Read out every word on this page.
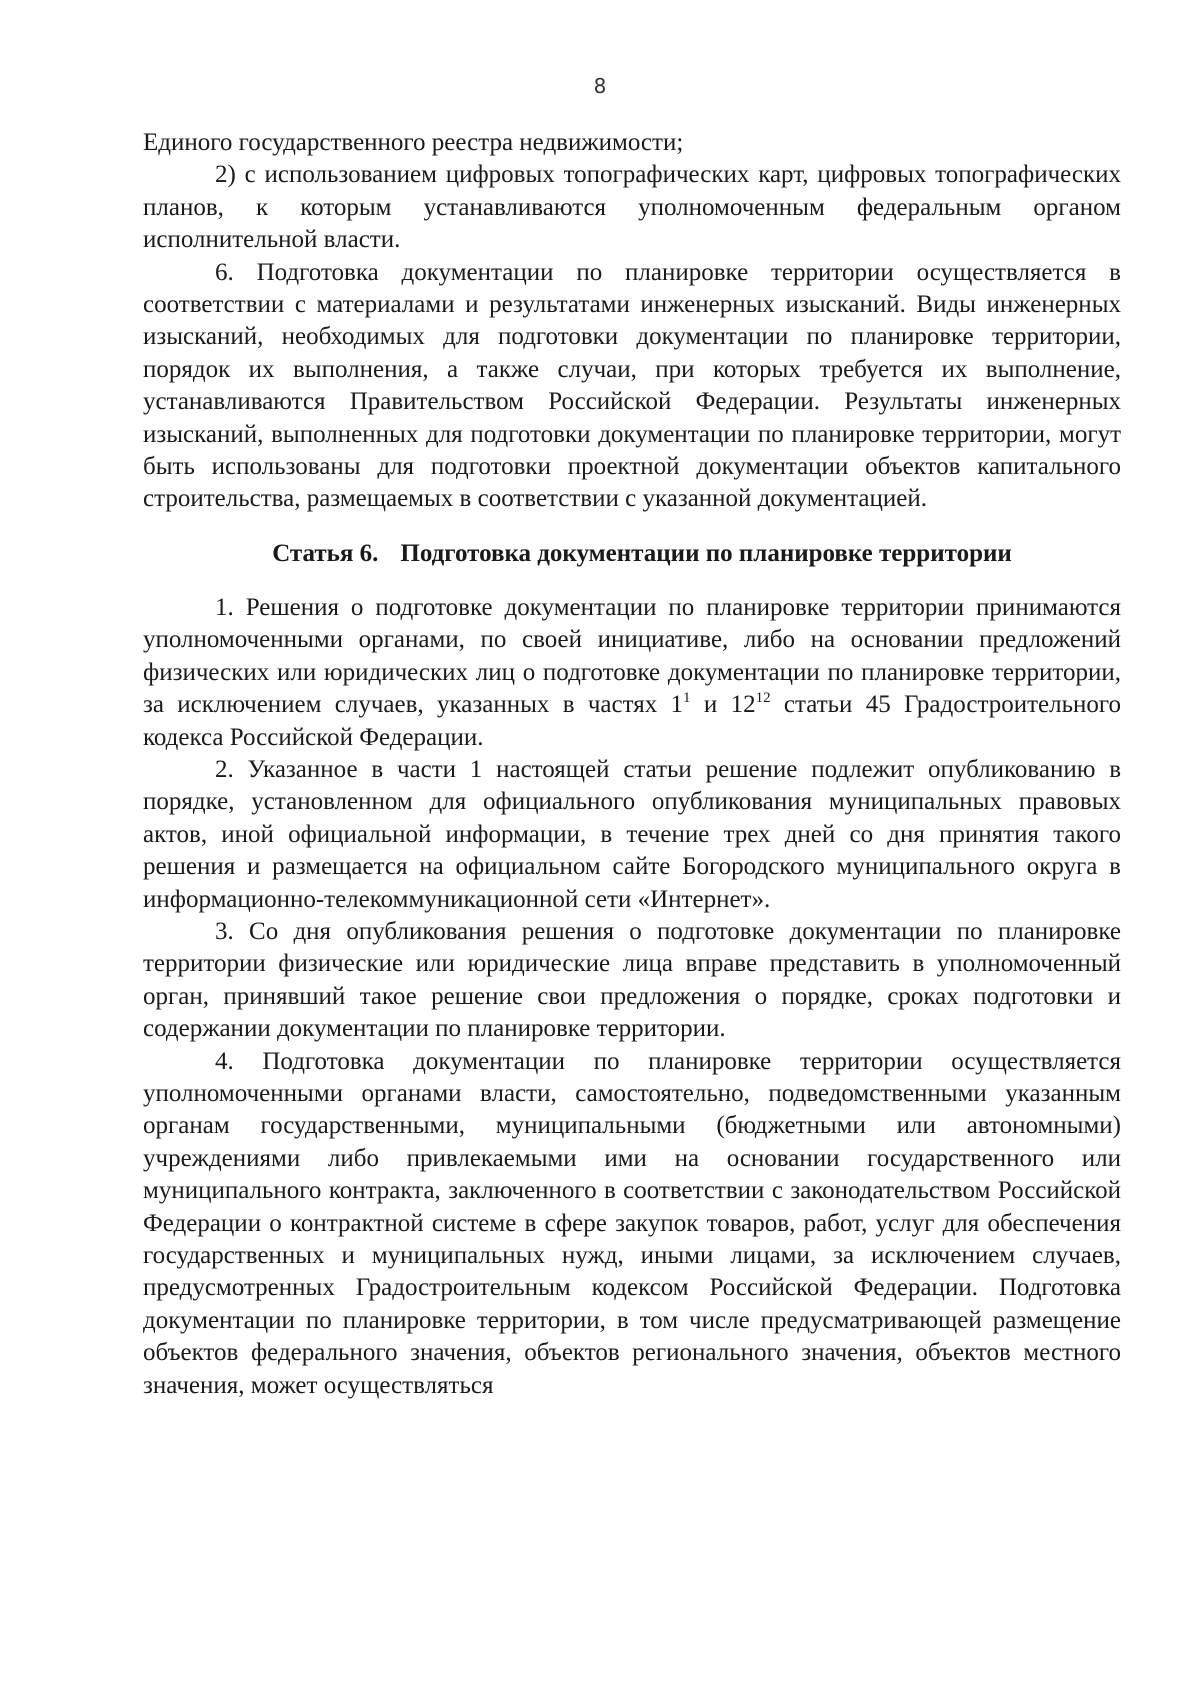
8

Единого государственного реестра недвижимости;

2) с использованием цифровых топографических карт, цифровых топографических планов, к которым устанавливаются уполномоченным федеральным органом исполнительной власти.

6. Подготовка документации по планировке территории осуществляется в соответствии с материалами и результатами инженерных изысканий. Виды инженерных изысканий, необходимых для подготовки документации по планировке территории, порядок их выполнения, а также случаи, при которых требуется их выполнение, устанавливаются Правительством Российской Федерации. Результаты инженерных изысканий, выполненных для подготовки документации по планировке территории, могут быть использованы для подготовки проектной документации объектов капитального строительства, размещаемых в соответствии с указанной документацией.

Статья 6. Подготовка документации по планировке территории

1. Решения о подготовке документации по планировке территории принимаются уполномоченными органами, по своей инициативе, либо на основании предложений физических или юридических лиц о подготовке документации по планировке территории, за исключением случаев, указанных в частях $1^1$ и $12^{12}$ статьи 45 Градостроительного кодекса Российской Федерации.

2. Указанное в части 1 настоящей статьи решение подлежит опубликованию в порядке, установленном для официального опубликования муниципальных правовых актов, иной официальной информации, в течение трех дней со дня принятия такого решения и размещается на официальном сайте Богородского муниципального округа в информационно-телекоммуникационной сети «Интернет».

3. Со дня опубликования решения о подготовке документации по планировке территории физические или юридические лица вправе представить в уполномоченный орган, принявший такое решение свои предложения о порядке, сроках подготовки и содержании документации по планировке территории.

4. Подготовка документации по планировке территории осуществляется уполномоченными органами власти, самостоятельно, подведомственными указанным органам государственными, муниципальными (бюджетными или автономными) учреждениями либо привлекаемыми ими на основании государственного или муниципального контракта, заключенного в соответствии с законодательством Российской Федерации о контрактной системе в сфере закупок товаров, работ, услуг для обеспечения государственных и муниципальных нужд, иными лицами, за исключением случаев, предусмотренных Градостроительным кодексом Российской Федерации. Подготовка документации по планировке территории, в том числе предусматривающей размещение объектов федерального значения, объектов регионального значения, объектов местного значения, может осуществляться
